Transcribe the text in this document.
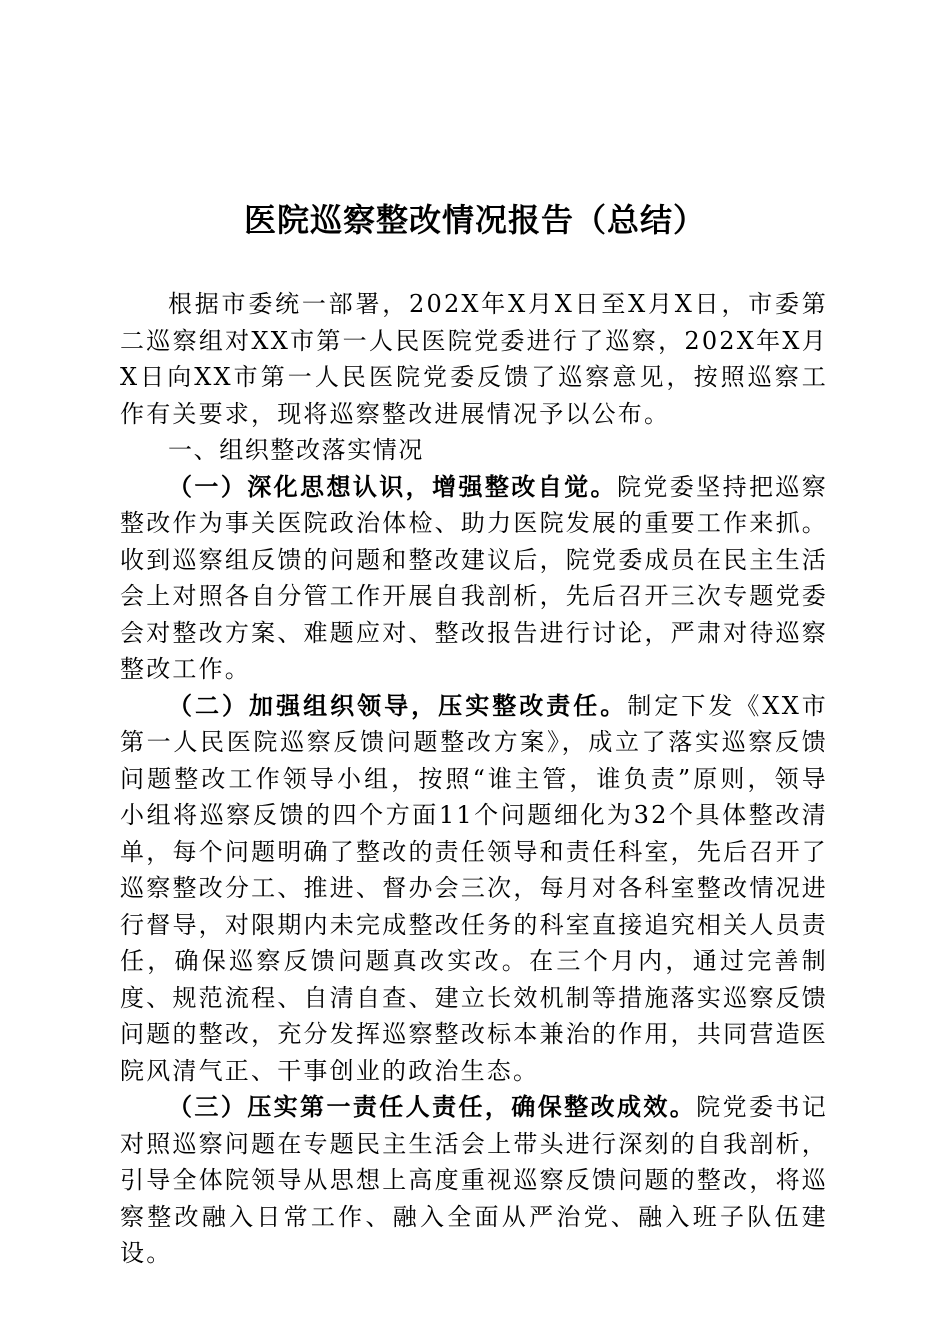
医院巡察整改情况报告（总结）

根据市委统一部署，202X年X月X日至X月X日，市委第二巡察组对XX市第一人民医院党委进行了巡察，202X年X月X日向XX市第一人民医院党委反馈了巡察意见，按照巡察工作有关要求，现将巡察整改进展情况予以公布。

一、组织整改落实情况

（一）深化思想认识，增强整改自觉。院党委坚持把巡察整改作为事关医院政治体检、助力医院发展的重要工作来抓。收到巡察组反馈的问题和整改建议后，院党委成员在民主生活会上对照各自分管工作开展自我剖析，先后召开三次专题党委会对整改方案、难题应对、整改报告进行讨论，严肃对待巡察整改工作。

（二）加强组织领导，压实整改责任。制定下发《XX市第一人民医院巡察反馈问题整改方案》，成立了落实巡察反馈问题整改工作领导小组，按照“谁主管，谁负责”原则，领导小组将巡察反馈的四个方面11个问题细化为32个具体整改清单，每个问题明确了整改的责任领导和责任科室，先后召开了巡察整改分工、推进、督办会三次，每月对各科室整改情况进行督导，对限期内未完成整改任务的科室直接追究相关人员责任，确保巡察反馈问题真改实改。在三个月内，通过完善制度、规范流程、自清自查、建立长效机制等措施落实巡察反馈问题的整改，充分发挥巡察整改标本兼治的作用，共同营造医院风清气正、干事创业的政治生态。

（三）压实第一责任人责任，确保整改成效。院党委书记对照巡察问题在专题民主生活会上带头进行深刻的自我剖析，引导全体院领导从思想上高度重视巡察反馈问题的整改，将巡察整改融入日常工作、融入全面从严治党、融入班子队伍建设。
